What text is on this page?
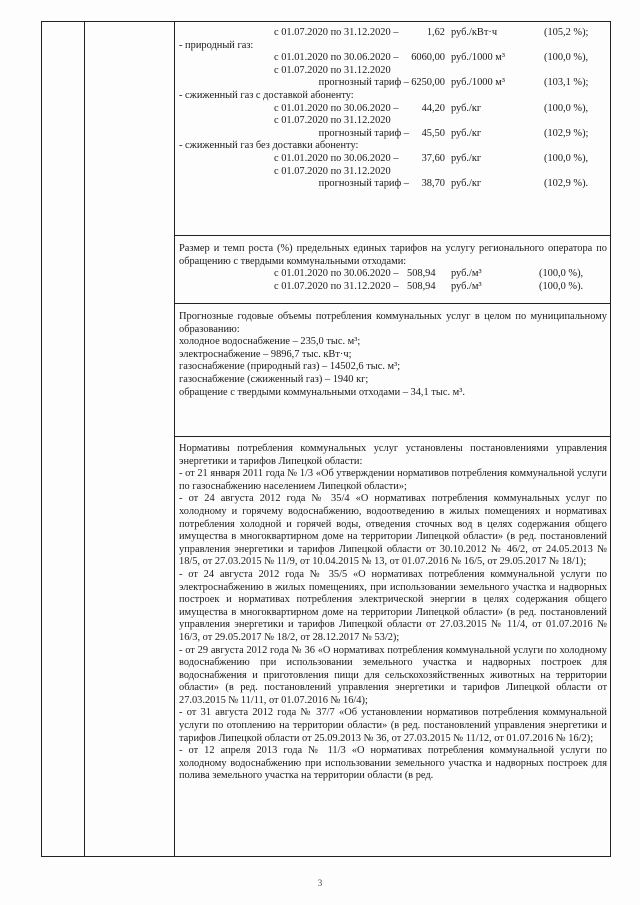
с 01.07.2020 по 31.12.2020 –	1,62 руб./кВт·ч	(105,2 %);
- природный газ:
с 01.01.2020 по 30.06.2020 –	6060,00 руб./1000 м³	(100,0 %),
с 01.07.2020 по 31.12.2020
прогнозный тариф – 6250,00 руб./1000 м³	(103,1 %);
- сжиженный газ с доставкой абоненту:
с 01.01.2020 по 30.06.2020 –	44,20 руб./кг	(100,0 %),
с 01.07.2020 по 31.12.2020
прогнозный тариф –	45,50 руб./кг	(102,9 %);
- сжиженный газ без доставки абоненту:
с 01.01.2020 по 30.06.2020 –	37,60 руб./кг	(100,0 %),
с 01.07.2020 по 31.12.2020
прогнозный тариф –	38,70 руб./кг	(102,9 %).

Размер и темп роста (%) предельных единых тарифов на услугу регионального оператора по обращению с твердыми коммунальными отходами:

с 01.01.2020 по 30.06.2020 – 508,94 руб./м³	(100,0 %),
с 01.07.2020 по 31.12.2020 – 508,94 руб./м³	(100,0 %).

Прогнозные годовые объемы потребления коммунальных услуг в целом по муниципальному образованию:

холодное водоснабжение – 235,0 тыс. м³;
электроснабжение – 9896,7 тыс. кВт·ч;
газоснабжение (природный газ) – 14502,6 тыс. м³;
газоснабжение (сжиженный газ) – 1940 кг;
обращение с твердыми коммунальными отходами – 34,1 тыс. м³.

Нормативы потребления коммунальных услуг установлены постановлениями управления энергетики и тарифов Липецкой области:

- от 21 января 2011 года № 1/3 «Об утверждении нормативов потребления коммунальной услуги по газоснабжению населением Липецкой области»;

- от 24 августа 2012 года № 35/4 «О нормативах потребления коммунальных услуг по холодному и горячему водоснабжению, водоотведению в жилых помещениях и нормативах потребления холодной и горячей воды, отведения сточных вод в целях содержания общего имущества в многоквартирном доме на территории Липецкой области» (в ред. постановлений управления энергетики и тарифов Липецкой области от 30.10.2012 № 46/2, от 24.05.2013 № 18/5, от 27.03.2015 № 11/9, от 10.04.2015 № 13, от 01.07.2016 № 16/5, от 29.05.2017 № 18/1);

- от 24 августа 2012 года № 35/5 «О нормативах потребления коммунальной услуги по электроснабжению в жилых помещениях, при использовании земельного участка и надворных построек и нормативах потребления электрической энергии в целях содержания общего имущества в многоквартирном доме на территории Липецкой области» (в ред. постановлений управления энергетики и тарифов Липецкой области от 27.03.2015 № 11/4, от 01.07.2016 № 16/3, от 29.05.2017 № 18/2, от 28.12.2017 № 53/2);

- от 29 августа 2012 года № 36 «О нормативах потребления коммунальной услуги по холодному водоснабжению при использовании земельного участка и надворных построек для водоснабжения и приготовления пищи для сельскохозяйственных животных на территории области» (в ред. постановлений управления энергетики и тарифов Липецкой области от 27.03.2015 № 11/11, от 01.07.2016 № 16/4);

- от 31 августа 2012 года № 37/7 «Об установлении нормативов потребления коммунальной услуги по отоплению на территории области» (в ред. постановлений управления энергетики и тарифов Липецкой области от 25.09.2013 № 36, от 27.03.2015 № 11/12, от 01.07.2016 № 16/2);

- от 12 апреля 2013 года № 11/3 «О нормативах потребления коммунальной услуги по холодному водоснабжению при использовании земельного участка и надворных построек для полива земельного участка на территории области (в ред.

3
